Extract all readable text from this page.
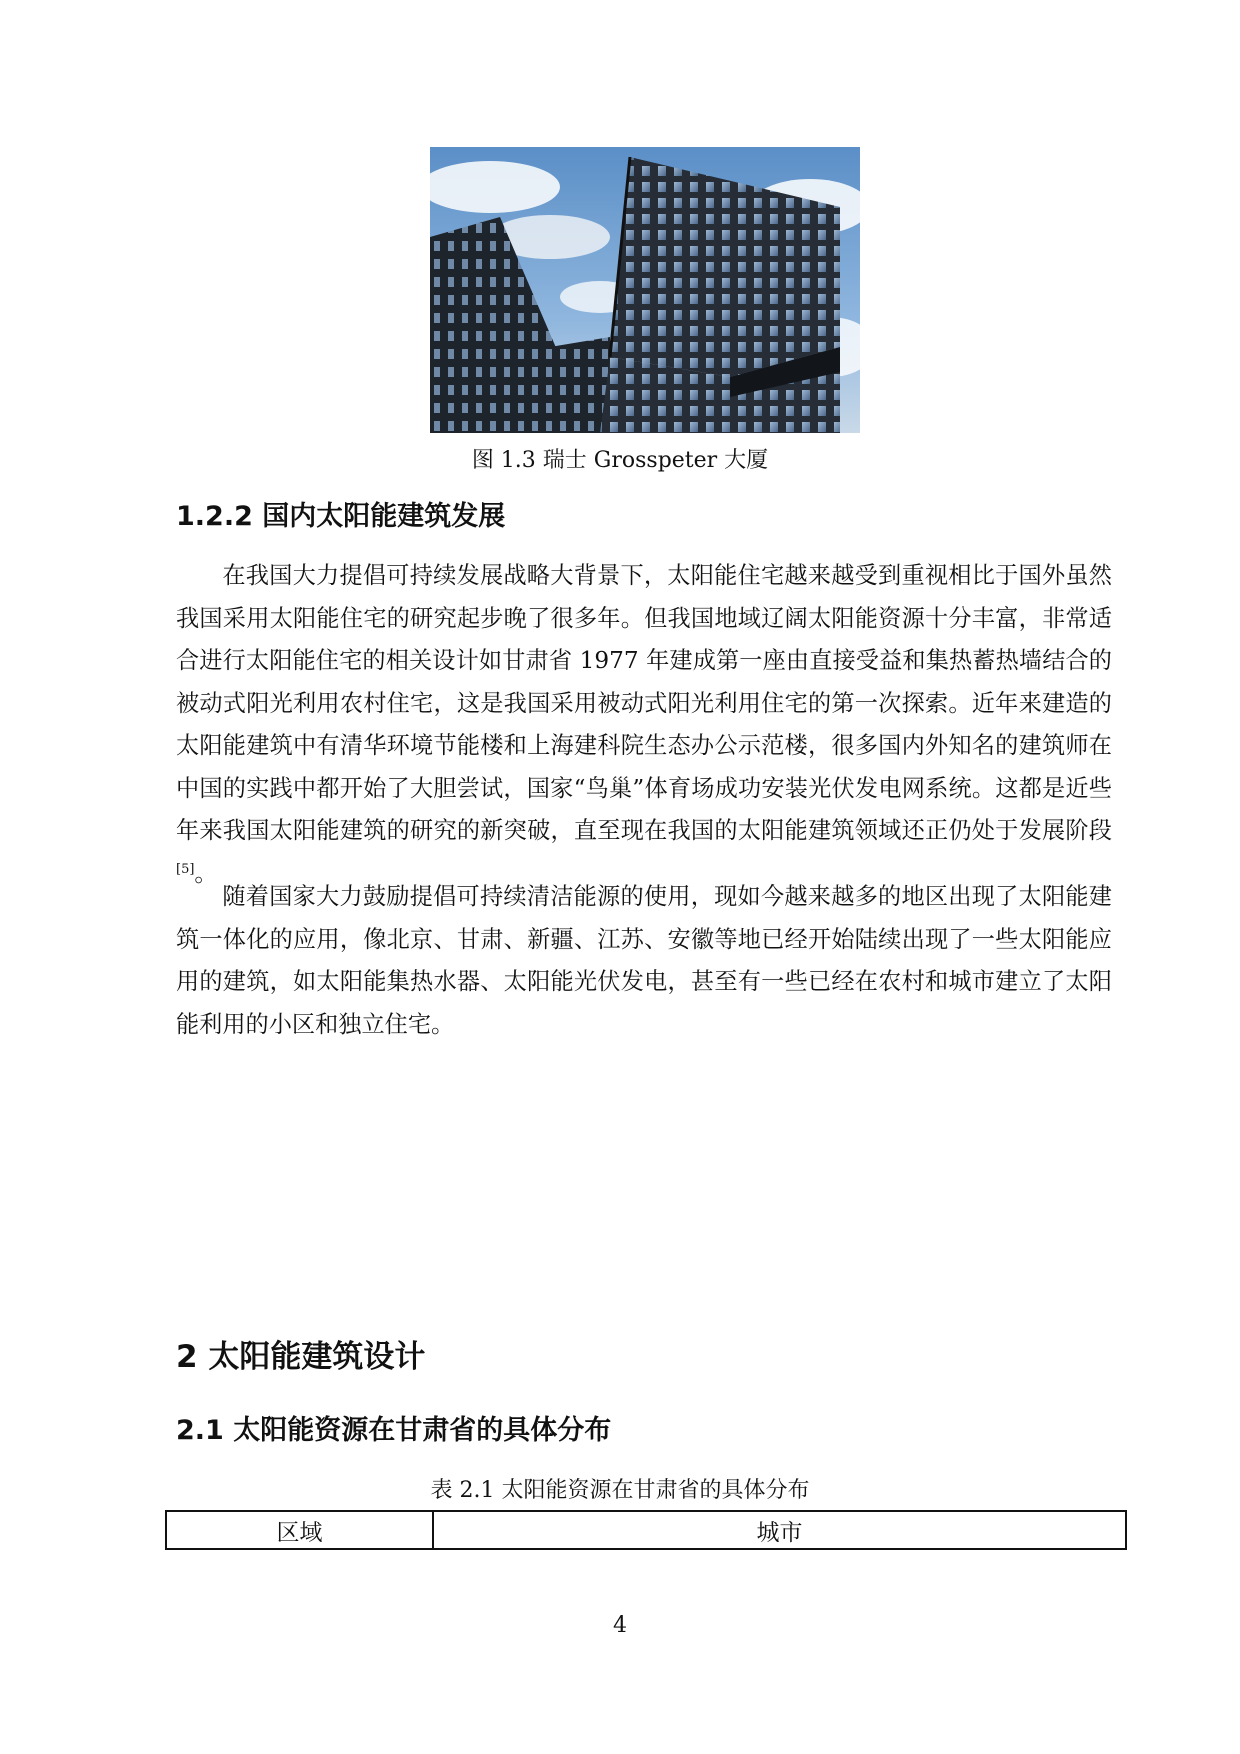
图 1.3 瑞士 Grosspeter 大厦
1.2.2 国内太阳能建筑发展

在我国大力提倡可持续发展战略大背景下，太阳能住宅越来越受到重视相比于国外虽然我国采用太阳能住宅的研究起步晚了很多年。但我国地域辽阔太阳能资源十分丰富，非常适合进行太阳能住宅的相关设计如甘肃省 1977 年建成第一座由直接受益和集热蓄热墙结合的被动式阳光利用农村住宅，这是我国采用被动式阳光利用住宅的第一次探索。近年来建造的太阳能建筑中有清华环境节能楼和上海建科院生态办公示范楼，很多国内外知名的建筑师在中国的实践中都开始了大胆尝试，国家“鸟巢”体育场成功安装光伏发电网系统。这都是近些年来我国太阳能建筑的研究的新突破，直至现在我国的太阳能建筑领域还正仍处于发展阶段[5]。

随着国家大力鼓励提倡可持续清洁能源的使用，现如今越来越多的地区出现了太阳能建筑一体化的应用，像北京、甘肃、新疆、江苏、安徽等地已经开始陆续出现了一些太阳能应用的建筑，如太阳能集热水器、太阳能光伏发电，甚至有一些已经在农村和城市建立了太阳能利用的小区和独立住宅。

2 太阳能建筑设计
2.1 太阳能资源在甘肃省的具体分布
表 2.1 太阳能资源在甘肃省的具体分布
区域	城市
4
